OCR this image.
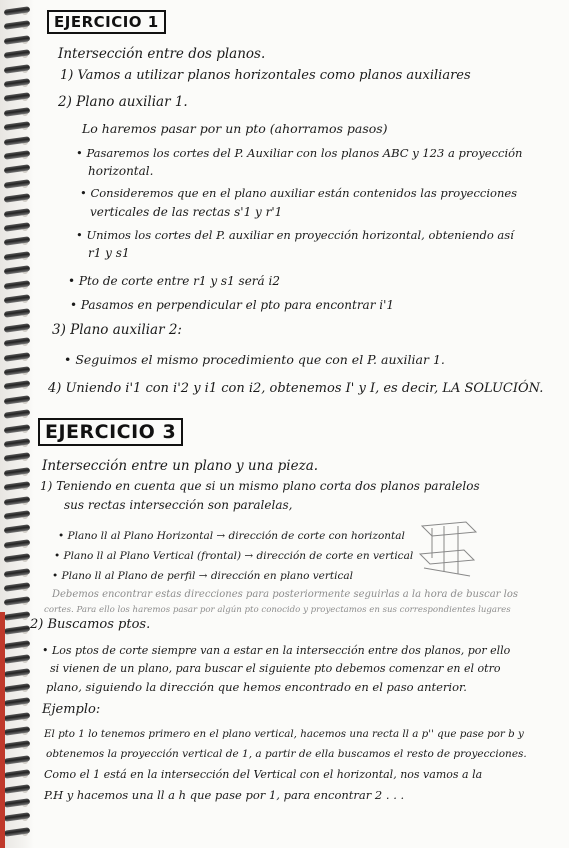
EJERCICIO 1
Intersección entre dos planos.
1) Vamos a utilizar planos horizontales como planos auxiliares
2) Plano auxiliar 1.
Lo haremos pasar por un pto (ahorramos pasos)
• Pasaremos los cortes del P. Auxiliar con los planos ABC y 123 a proyección
horizontal.
• Consideremos que en el plano auxiliar están contenidos las proyecciones
verticales de las rectas s'1 y r'1
• Unimos los cortes del P. auxiliar en proyección horizontal, obteniendo así
r1 y s1
• Pto de corte entre r1 y s1 será i2
• Pasamos en perpendicular el pto para encontrar i'1
3) Plano auxiliar 2:
• Seguimos el mismo procedimiento que con el P. auxiliar 1.
4) Uniendo i'1 con i'2 y i1 con i2, obtenemos I' y I, es decir, LA SOLUCIÓN.
EJERCICIO 3
Intersección entre un plano y una pieza.
1) Teniendo en cuenta que si un mismo plano corta dos planos paralelos
sus rectas intersección son paralelas,
• Plano ll al Plano Horizontal → dirección de corte con horizontal
• Plano ll al Plano Vertical (frontal) → dirección de corte en vertical
• Plano ll al Plano de perfil → dirección en plano vertical
Debemos encontrar estas direcciones para posteriormente seguirlas a la hora de buscar los
cortes. Para ello los haremos pasar por algún pto conocido y proyectamos en sus correspondientes lugares
2) Buscamos ptos.
• Los ptos de corte siempre van a estar en la intersección entre dos planos, por ello
si vienen de un plano, para buscar el siguiente pto debemos comenzar en el otro
plano, siguiendo la dirección que hemos encontrado en el paso anterior.
Ejemplo:
El pto 1 lo tenemos primero en el plano vertical, hacemos una recta ll a p'' que pase por b y
obtenemos la proyección vertical de 1, a partir de ella buscamos el resto de proyecciones.
Como el 1 está en la intersección del Vertical con el horizontal, nos vamos a la
P.H y hacemos una ll a h que pase por 1, para encontrar 2 . . .
